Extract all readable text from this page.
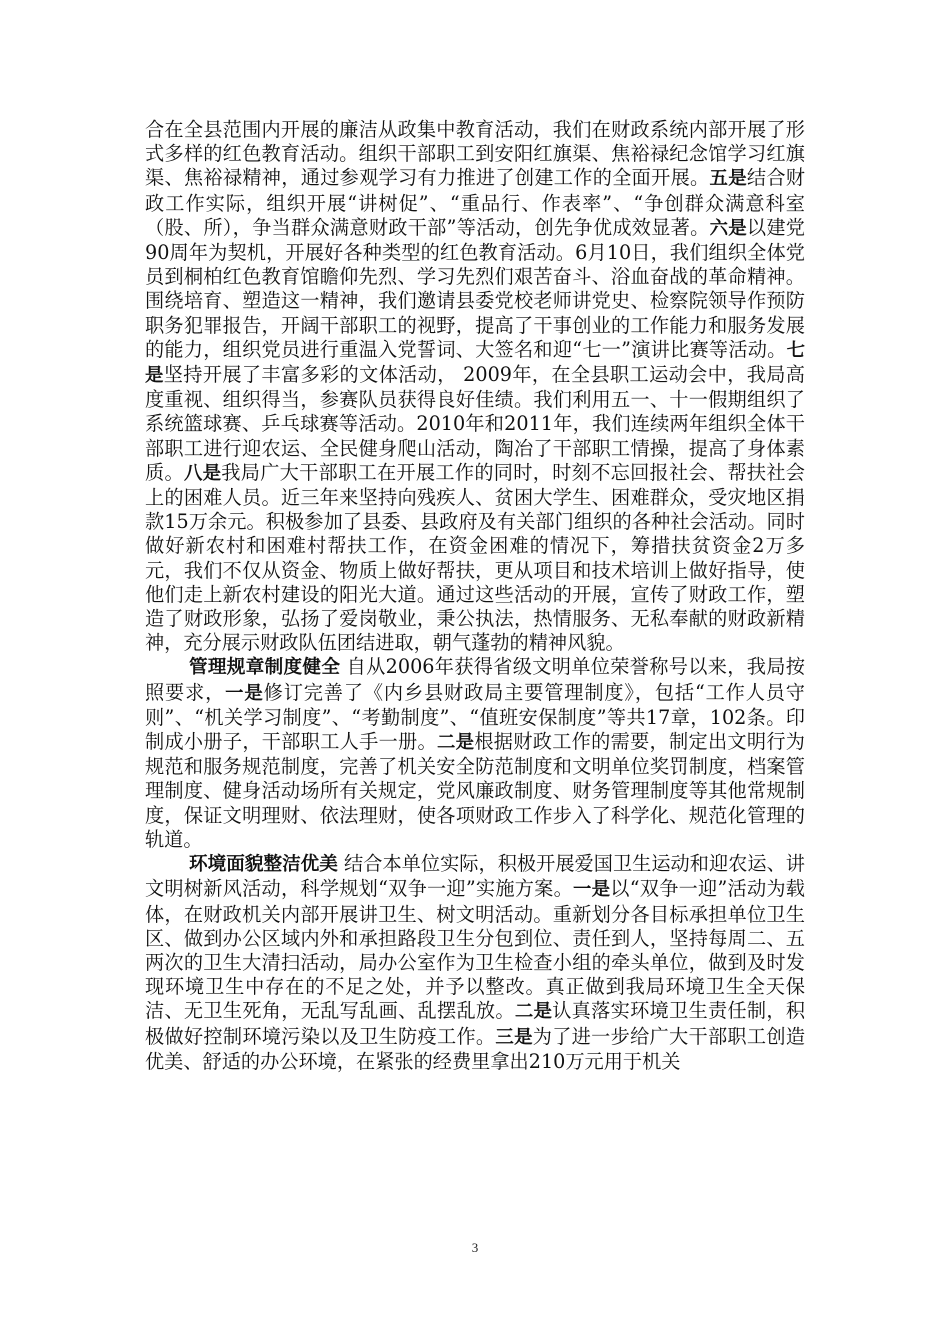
合在全县范围内开展的廉洁从政集中教育活动，我们在财政系统内部开展了形式多样的红色教育活动。组织干部职工到安阳红旗渠、焦裕禄纪念馆学习红旗渠、焦裕禄精神，通过参观学习有力推进了创建工作的全面开展。五是结合财政工作实际，组织开展“讲树促”、“重品行、作表率”、“争创群众满意科室（股、所），争当群众满意财政干部”等活动，创先争优成效显著。六是以建党90周年为契机，开展好各种类型的红色教育活动。6月10日，我们组织全体党员到桐柏红色教育馆瞻仰先烈、学习先烈们艰苦奋斗、浴血奋战的革命精神。围绕培育、塑造这一精神，我们邀请县委党校老师讲党史、检察院领导作预防职务犯罪报告，开阔干部职工的视野，提高了干事创业的工作能力和服务发展的能力，组织党员进行重温入党誓词、大签名和迎“七一”演讲比赛等活动。七是坚持开展了丰富多彩的文体活动， 2009年，在全县职工运动会中，我局高度重视、组织得当，参赛队员获得良好佳绩。我们利用五一、十一假期组织了系统篮球赛、乒乓球赛等活动。2010年和2011年，我们连续两年组织全体干部职工进行迎农运、全民健身爬山活动，陶冶了干部职工情操，提高了身体素质。八是我局广大干部职工在开展工作的同时，时刻不忘回报社会、帮扶社会上的困难人员。近三年来坚持向残疾人、贫困大学生、困难群众，受灾地区捐款15万余元。积极参加了县委、县政府及有关部门组织的各种社会活动。同时做好新农村和困难村帮扶工作，在资金困难的情况下，筹措扶贫资金2万多元，我们不仅从资金、物质上做好帮扶，更从项目和技术培训上做好指导，使他们走上新农村建设的阳光大道。通过这些活动的开展，宣传了财政工作，塑造了财政形象，弘扬了爱岗敬业，秉公执法，热情服务、无私奉献的财政新精神，充分展示财政队伍团结进取，朝气蓬勃的精神风貌。

管理规章制度健全 自从2006年获得省级文明单位荣誉称号以来，我局按照要求，一是修订完善了《内乡县财政局主要管理制度》，包括“工作人员守则”、“机关学习制度”、“考勤制度”、“值班安保制度”等共17章，102条。印制成小册子，干部职工人手一册。二是根据财政工作的需要，制定出文明行为规范和服务规范制度，完善了机关安全防范制度和文明单位奖罚制度，档案管理制度、健身活动场所有关规定，党风廉政制度、财务管理制度等其他常规制度，保证文明理财、依法理财，使各项财政工作步入了科学化、规范化管理的轨道。

环境面貌整洁优美 结合本单位实际，积极开展爱国卫生运动和迎农运、讲文明树新风活动，科学规划“双争一迎”实施方案。一是以“双争一迎”活动为载体，在财政机关内部开展讲卫生、树文明活动。重新划分各目标承担单位卫生区、做到办公区域内外和承担路段卫生分包到位、责任到人，坚持每周二、五两次的卫生大清扫活动，局办公室作为卫生检查小组的牵头单位，做到及时发现环境卫生中存在的不足之处，并予以整改。真正做到我局环境卫生全天保洁、无卫生死角，无乱写乱画、乱摆乱放。二是认真落实环境卫生责任制，积极做好控制环境污染以及卫生防疫工作。三是为了进一步给广大干部职工创造优美、舒适的办公环境，在紧张的经费里拿出210万元用于机关

3
